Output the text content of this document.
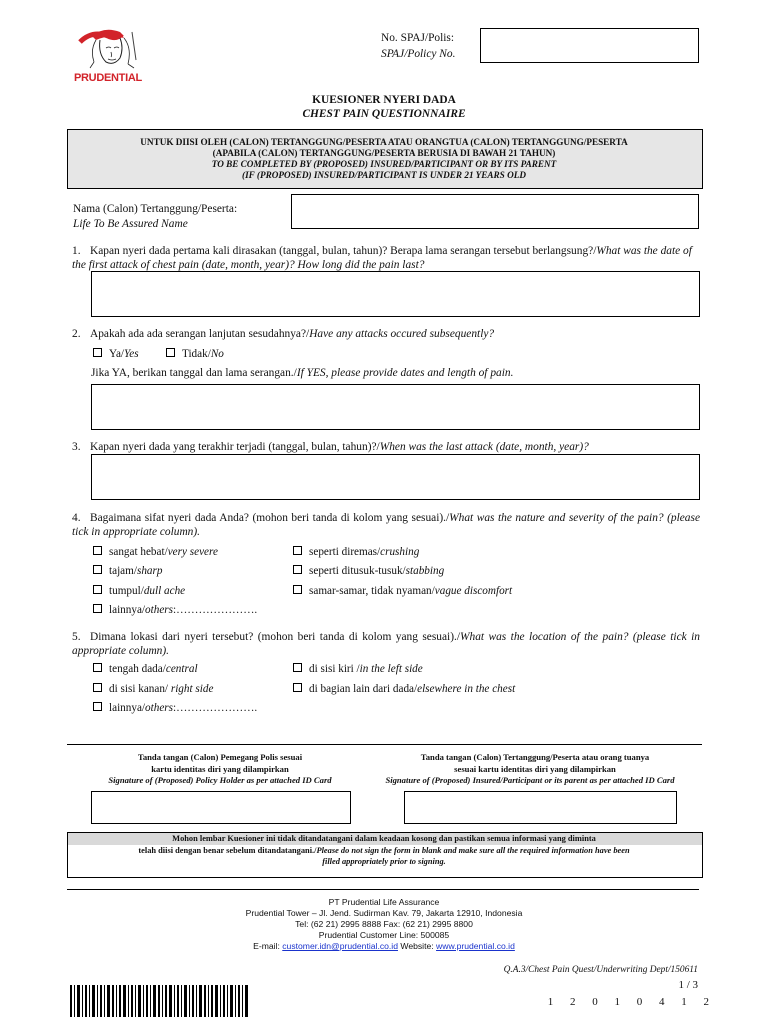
PRUDENTIAL
No. SPAJ/Polis:
SPAJ/Policy No.
KUESIONER NYERI DADA
CHEST PAIN QUESTIONNAIRE
UNTUK DIISI OLEH (CALON) TERTANGGUNG/PESERTA ATAU ORANGTUA (CALON) TERTANGGUNG/PESERTA
(APABILA (CALON) TERTANGGUNG/PESERTA BERUSIA DI BAWAH 21 TAHUN)
TO BE COMPLETED BY (PROPOSED) INSURED/PARTICIPANT OR BY ITS PARENT
(IF (PROPOSED) INSURED/PARTICIPANT IS UNDER 21 YEARS OLD
Nama (Calon) Tertanggung/Peserta:
Life To Be Assured Name
1. Kapan nyeri dada pertama kali dirasakan (tanggal, bulan, tahun)? Berapa lama serangan tersebut berlangsung?/What was the date of the first attack of chest pain (date, month, year)? How long did the pain last?
2. Apakah ada ada serangan lanjutan sesudahnya?/Have any attacks occured subsequently?
Ya/Yes	Tidak/No
Jika YA, berikan tanggal dan lama serangan./If YES, please provide dates and length of pain.
3. Kapan nyeri dada yang terakhir terjadi (tanggal, bulan, tahun)?/When was the last attack (date, month, year)?
4. Bagaimana sifat nyeri dada Anda? (mohon beri tanda di kolom yang sesuai)./What was the nature and severity of the pain? (please tick in appropriate column).
sangat hebat/very severe	seperti diremas/crushing
tajam/sharp	seperti ditusuk-tusuk/stabbing
tumpul/dull ache	samar-samar, tidak nyaman/vague discomfort
lainnya/others:………………….
5. Dimana lokasi dari nyeri tersebut? (mohon beri tanda di kolom yang sesuai)./What was the location of the pain? (please tick in appropriate column).
tengah dada/central	di sisi kiri /in the left side
di sisi kanan/ right side	di bagian lain dari dada/elsewhere in the chest
lainnya/others:………………….
Tanda tangan (Calon) Pemegang Polis sesuai
kartu identitas diri yang dilampirkan
Signature of (Proposed) Policy Holder as per attached ID Card
Tanda tangan (Calon) Tertanggung/Peserta atau orang tuanya
sesuai kartu identitas diri yang dilampirkan
Signature of (Proposed) Insured/Participant or its parent as per attached ID Card
Mohon lembar Kuesioner ini tidak ditandatangani dalam keadaan kosong dan pastikan semua informasi yang diminta
telah diisi dengan benar sebelum ditandatangani./Please do not sign the form in blank and make sure all the required information have been
filled appropriately prior to signing.
PT Prudential Life Assurance
Prudential Tower – Jl. Jend. Sudirman Kav. 79, Jakarta 12910, Indonesia
Tel: (62 21) 2995 8888 Fax: (62 21) 2995 8800
Prudential Customer Line: 500085
E-mail: customer.idn@prudential.co.id Website: www.prudential.co.id
Q.A.3/Chest Pain Quest/Underwriting Dept/150611
1 / 3
1 2 0 1 0 4 1 2
